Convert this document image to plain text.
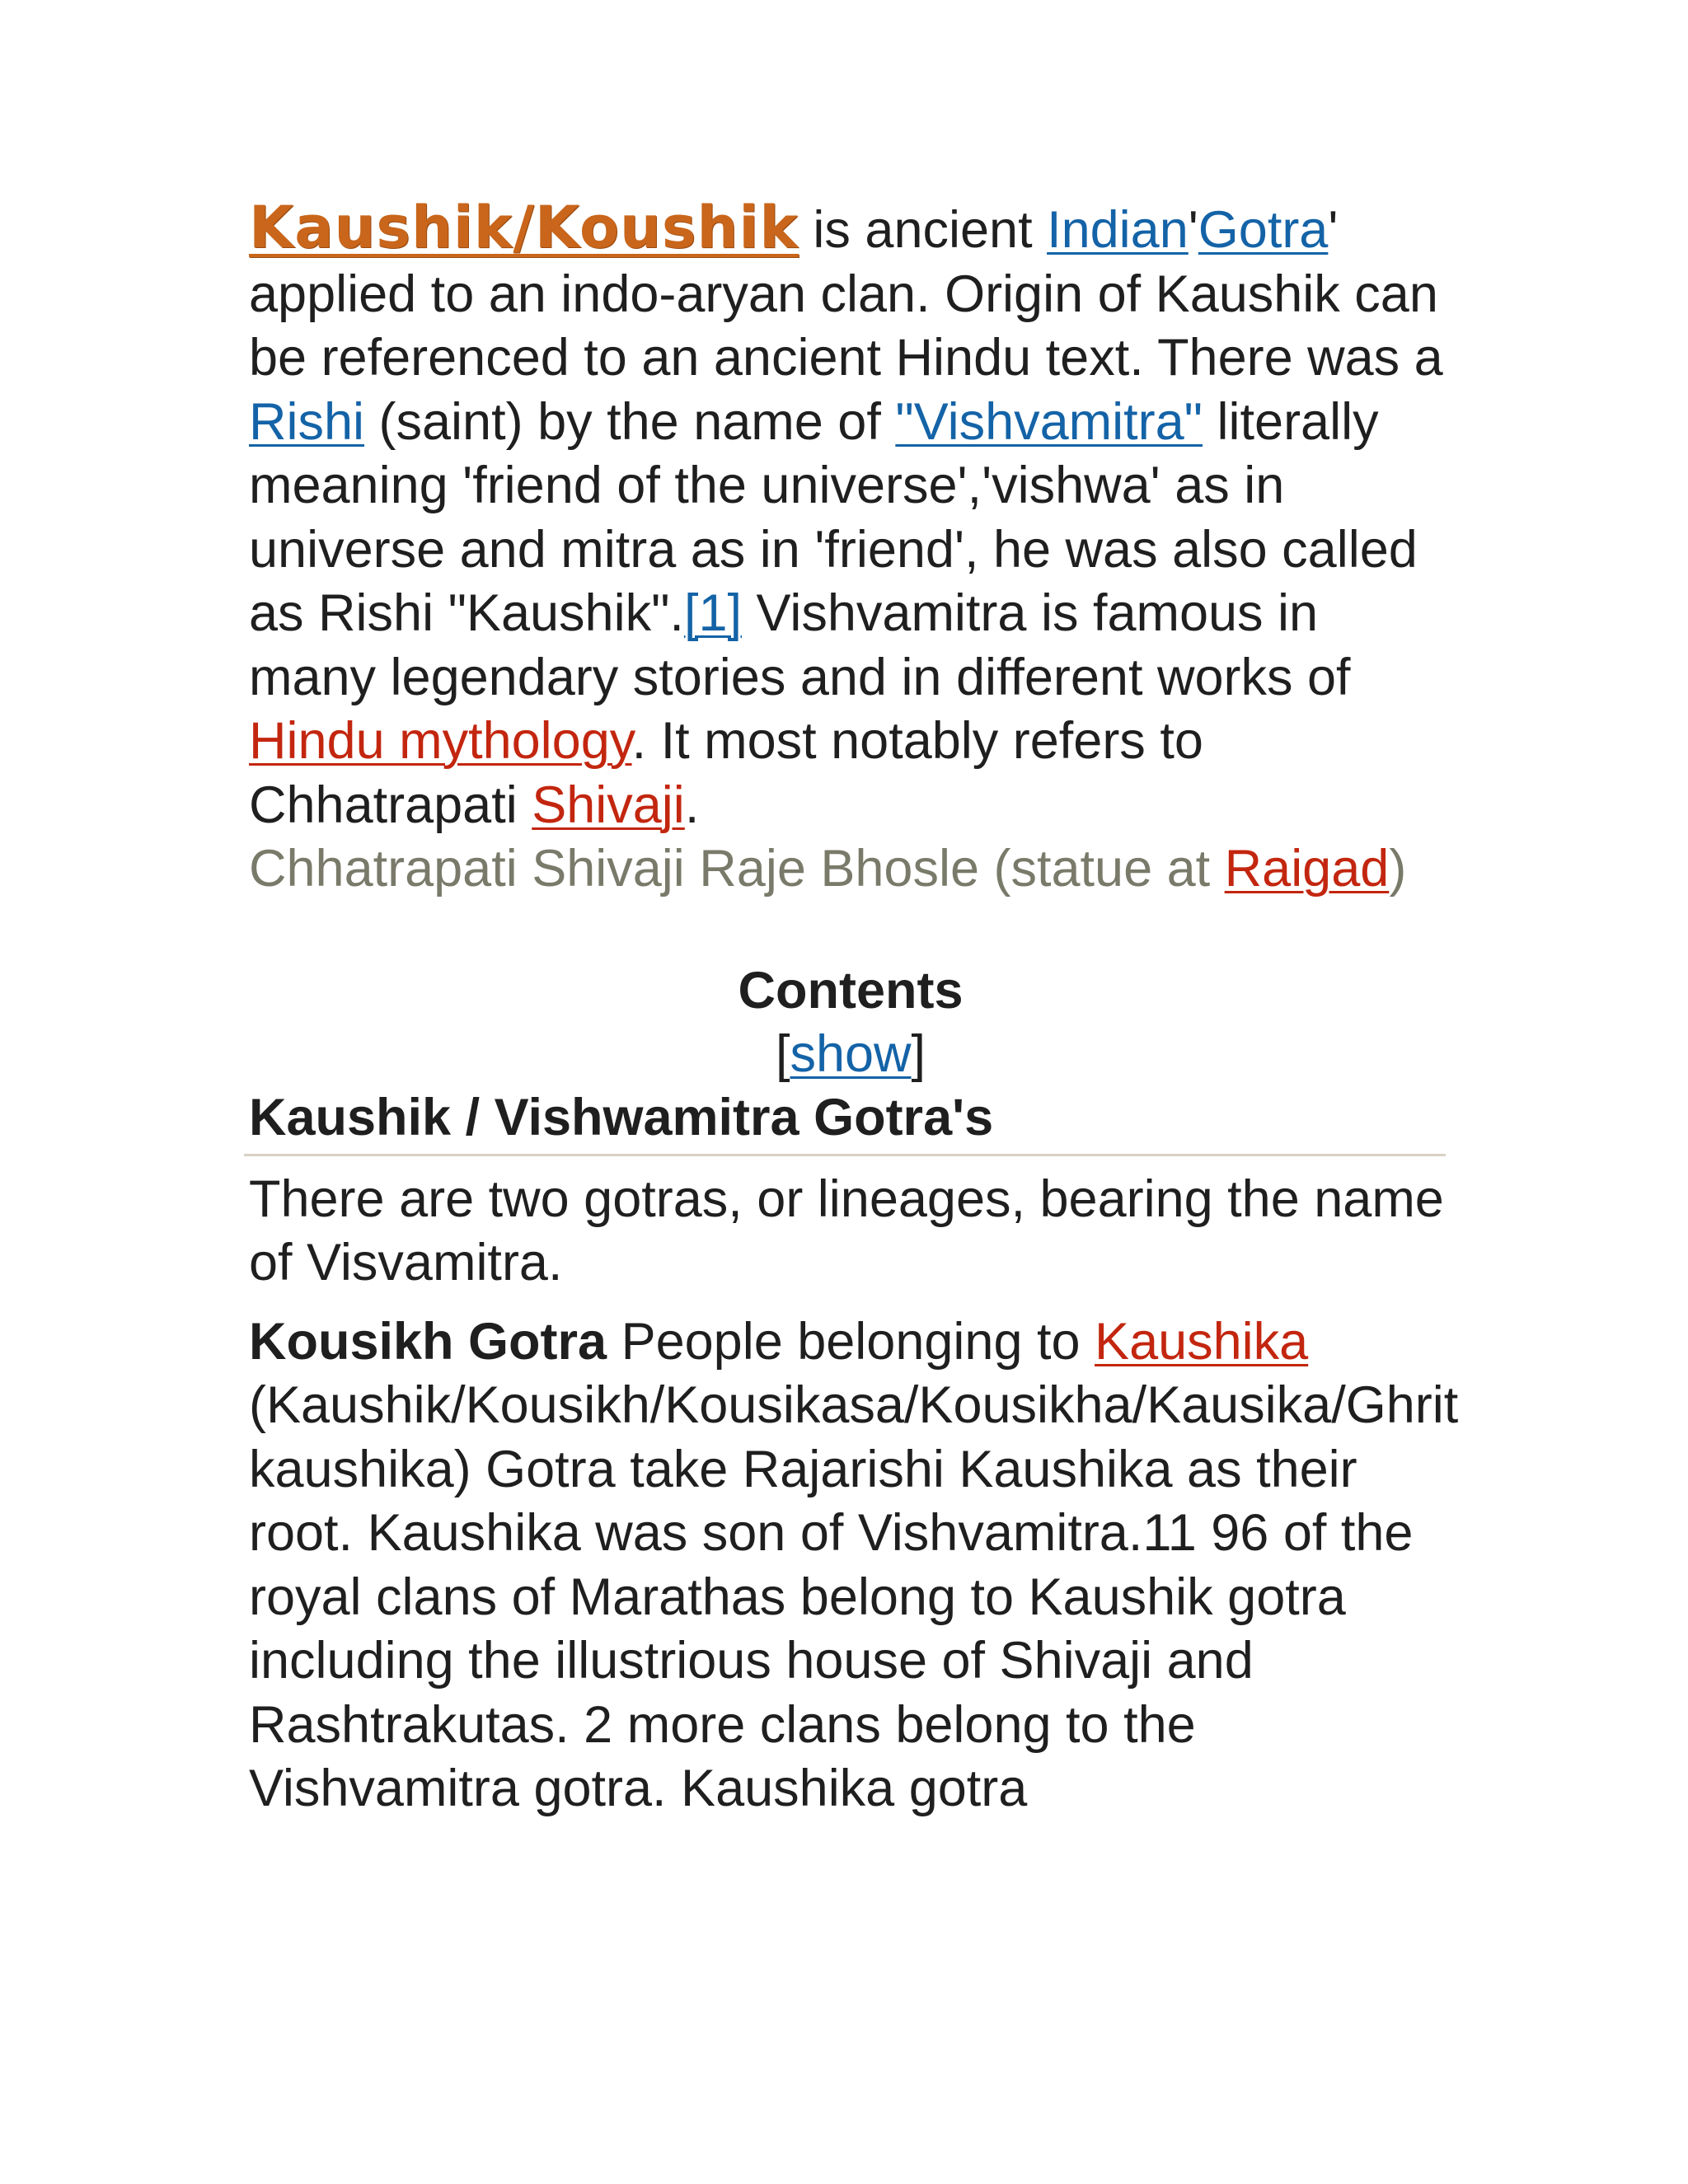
Kaushik/Koushik is ancient Indian'Gotra' applied to an indo-aryan clan. Origin of Kaushik can be referenced to an ancient Hindu text. There was a Rishi (saint) by the name of "Vishvamitra" literally meaning 'friend of the universe','vishwa' as in universe and mitra as in 'friend', he was also called as Rishi "Kaushik".[1] Vishvamitra is famous in many legendary stories and in different works of Hindu mythology. It most notably refers to Chhatrapati Shivaji.
Chhatrapati Shivaji Raje Bhosle (statue at Raigad)

Contents

[show]

Kaushik / Vishwamitra Gotra's

There are two gotras, or lineages, bearing the name of Visvamitra.

Kousikh Gotra People belonging to Kaushika (Kaushik/Kousikh/Kousikasa/Kousikha/Kausika/Ghrit kaushika) Gotra take Rajarishi Kaushika as their root. Kaushika was son of Vishvamitra.11 96 of the royal clans of Marathas belong to Kaushik gotra including the illustrious house of Shivaji and Rashtrakutas. 2 more clans belong to the Vishvamitra gotra. Kaushika gotra
